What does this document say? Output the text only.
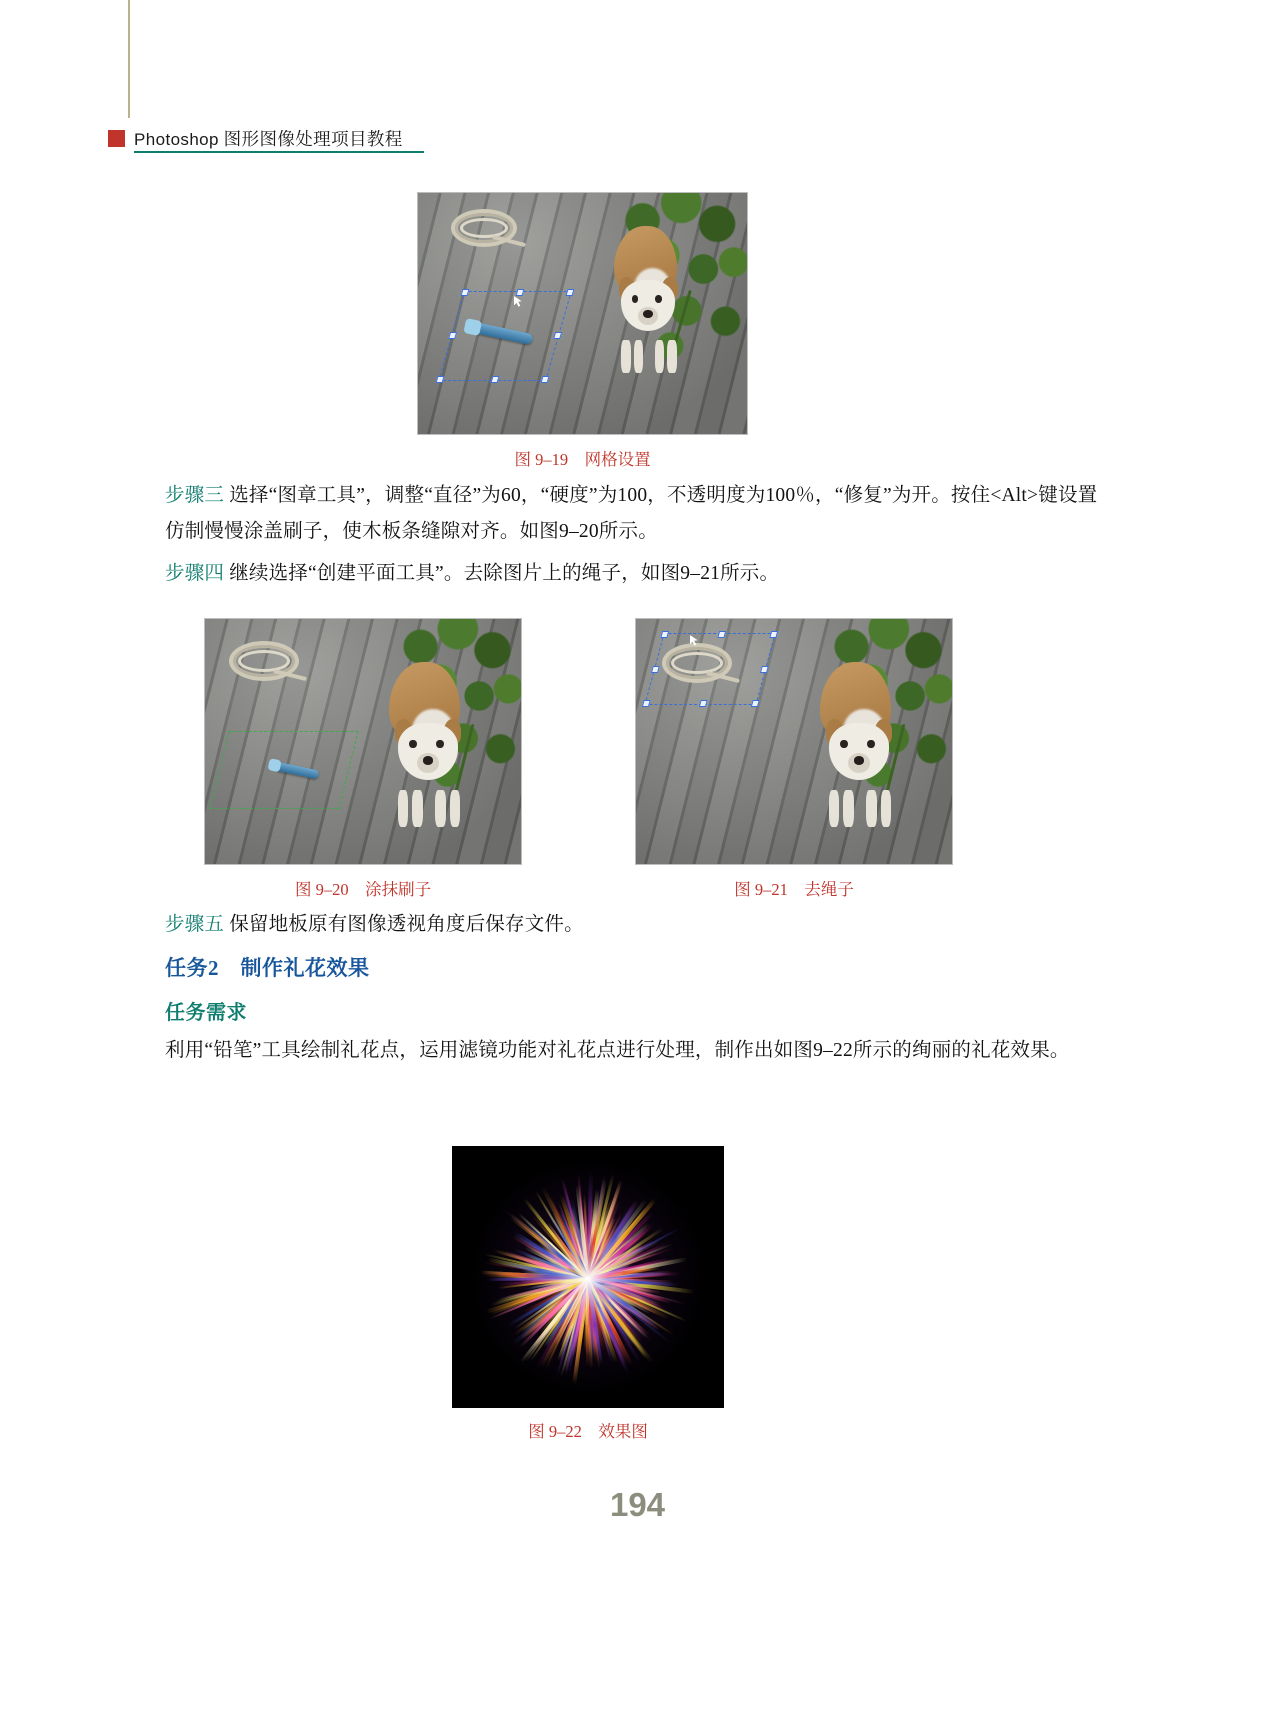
Photoshop 图形图像处理项目教程
图 9–19　网格设置
步骤三 选择“图章工具”，调整“直径”为60，“硬度”为100，不透明度为100％，“修复”为开。按住<Alt>键设置仿制慢慢涂盖刷子，使木板条缝隙对齐。如图9–20所示。
步骤四 继续选择“创建平面工具”。去除图片上的绳子，如图9–21所示。
图 9–20　涂抹刷子	图 9–21　去绳子
步骤五 保留地板原有图像透视角度后保存文件。
任务2　制作礼花效果
任务需求
利用“铅笔”工具绘制礼花点，运用滤镜功能对礼花点进行处理，制作出如图9–22所示的绚丽的礼花效果。
图 9–22　效果图
194
